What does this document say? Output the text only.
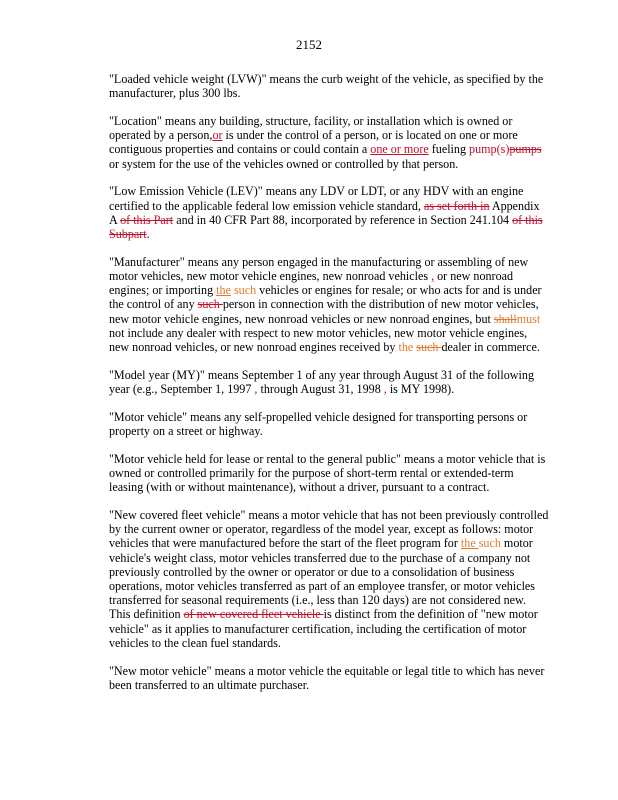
2152

"Loaded vehicle weight (LVW)" means the curb weight of the vehicle, as specified by the manufacturer, plus 300 lbs.

"Location" means any building, structure, facility, or installation which is owned or operated by a person,or is under the control of a person, or is located on one or more contiguous properties and contains or could contain a one or more fueling pump(s)pumps or system for the use of the vehicles owned or controlled by that person.

"Low Emission Vehicle (LEV)" means any LDV or LDT, or any HDV with an engine certified to the applicable federal low emission vehicle standard, as set forth in Appendix A of this Part and in 40 CFR Part 88, incorporated by reference in Section 241.104 of this Subpart.

"Manufacturer" means any person engaged in the manufacturing or assembling of new motor vehicles, new motor vehicle engines, new nonroad vehicles , or new nonroad engines; or importing the such vehicles or engines for resale; or who acts for and is under the control of any such person in connection with the distribution of new motor vehicles, new motor vehicle engines, new nonroad vehicles or new nonroad engines, but shallmust not include any dealer with respect to new motor vehicles, new motor vehicle engines, new nonroad vehicles, or new nonroad engines received by the such dealer in commerce.

"Model year (MY)" means September 1 of any year through August 31 of the following year (e.g., September 1, 1997 , through August 31, 1998 , is MY 1998).

"Motor vehicle" means any self-propelled vehicle designed for transporting persons or property on a street or highway.

"Motor vehicle held for lease or rental to the general public" means a motor vehicle that is owned or controlled primarily for the purpose of short-term rental or extended-term leasing (with or without maintenance), without a driver, pursuant to a contract.

"New covered fleet vehicle" means a motor vehicle that has not been previously controlled by the current owner or operator, regardless of the model year, except as follows: motor vehicles that were manufactured before the start of the fleet program for the such motor vehicle's weight class, motor vehicles transferred due to the purchase of a company not previously controlled by the owner or operator or due to a consolidation of business operations, motor vehicles transferred as part of an employee transfer, or motor vehicles transferred for seasonal requirements (i.e., less than 120 days) are not considered new. This definition of new covered fleet vehicle is distinct from the definition of "new motor vehicle" as it applies to manufacturer certification, including the certification of motor vehicles to the clean fuel standards.

"New motor vehicle" means a motor vehicle the equitable or legal title to which has never been transferred to an ultimate purchaser.
